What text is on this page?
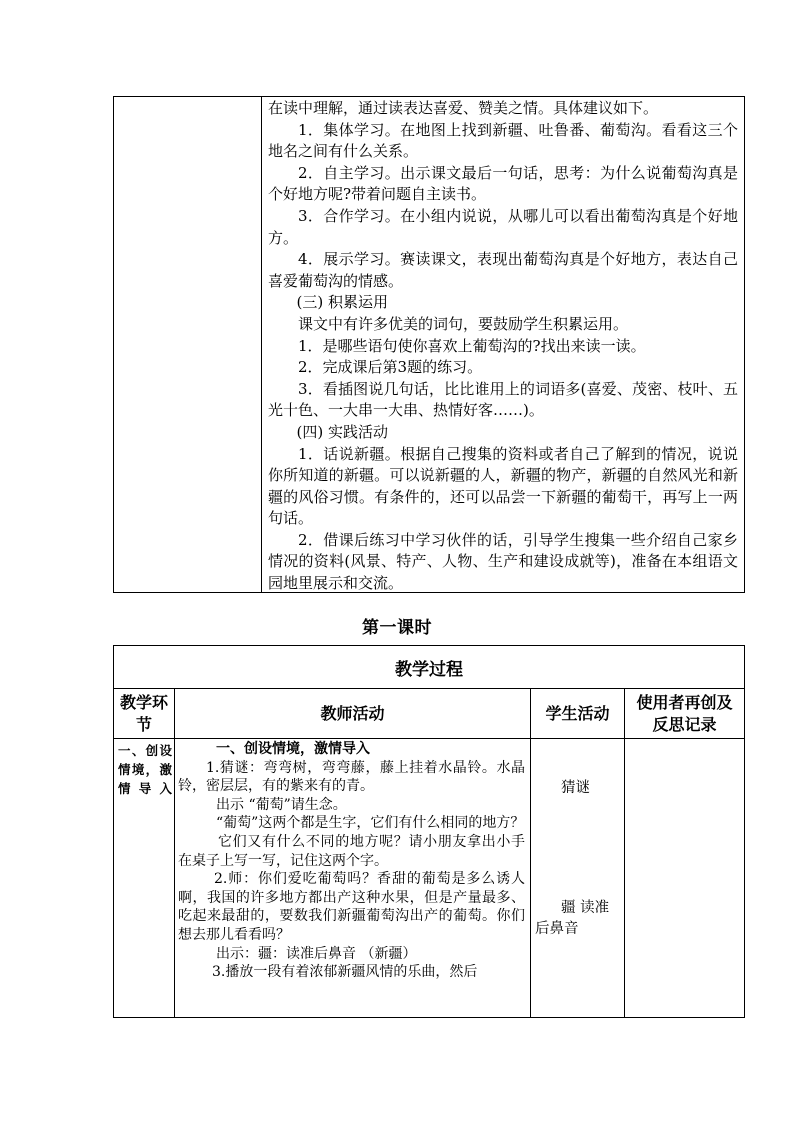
在读中理解，通过读表达喜爱、赞美之情。具体建议如下。

1．集体学习。在地图上找到新疆、吐鲁番、葡萄沟。看看这三个地名之间有什么关系。

2．自主学习。出示课文最后一句话，思考：为什么说葡萄沟真是个好地方呢?带着问题自主读书。

3．合作学习。在小组内说说，从哪儿可以看出葡萄沟真是个好地方。

4．展示学习。赛读课文，表现出葡萄沟真是个好地方，表达自己喜爱葡萄沟的情感。

(三) 积累运用

课文中有许多优美的词句，要鼓励学生积累运用。

1．是哪些语句使你喜欢上葡萄沟的?找出来读一读。

2．完成课后第3题的练习。

3．看插图说几句话，比比谁用上的词语多(喜爱、茂密、枝叶、五光十色、一大串一大串、热情好客……)。

(四) 实践活动

1．话说新疆。根据自己搜集的资料或者自己了解到的情况，说说你所知道的新疆。可以说新疆的人，新疆的物产，新疆的自然风光和新疆的风俗习惯。有条件的，还可以品尝一下新疆的葡萄干，再写上一两句话。

2．借课后练习中学习伙伴的话，引导学生搜集一些介绍自己家乡情况的资料(风景、特产、人物、生产和建设成就等)，准备在本组语文园地里展示和交流。

第一课时
教学过程
教学环节
教师活动	学生活动
使用者再创及反思记录
一、创设情境，激情导入

一、创设情境，激情导入

1.猜谜：弯弯树，弯弯藤，藤上挂着水晶铃。水晶铃，密层层，有的紫来有的青。

出示 “葡萄”请生念。

“葡萄”这两个都是生字，它们有什么相同的地方？

它们又有什么不同的地方呢？请小朋友拿出小手在桌子上写一写，记住这两个字。

2.师：你们爱吃葡萄吗？香甜的葡萄是多么诱人啊，我国的许多地方都出产这种水果，但是产量最多、吃起来最甜的，要数我们新疆葡萄沟出产的葡萄。你们想去那儿看看吗？

出示：疆：读准后鼻音 （新疆）

3.播放一段有着浓郁新疆风情的乐曲，然后

猜谜
疆 读准后鼻音
